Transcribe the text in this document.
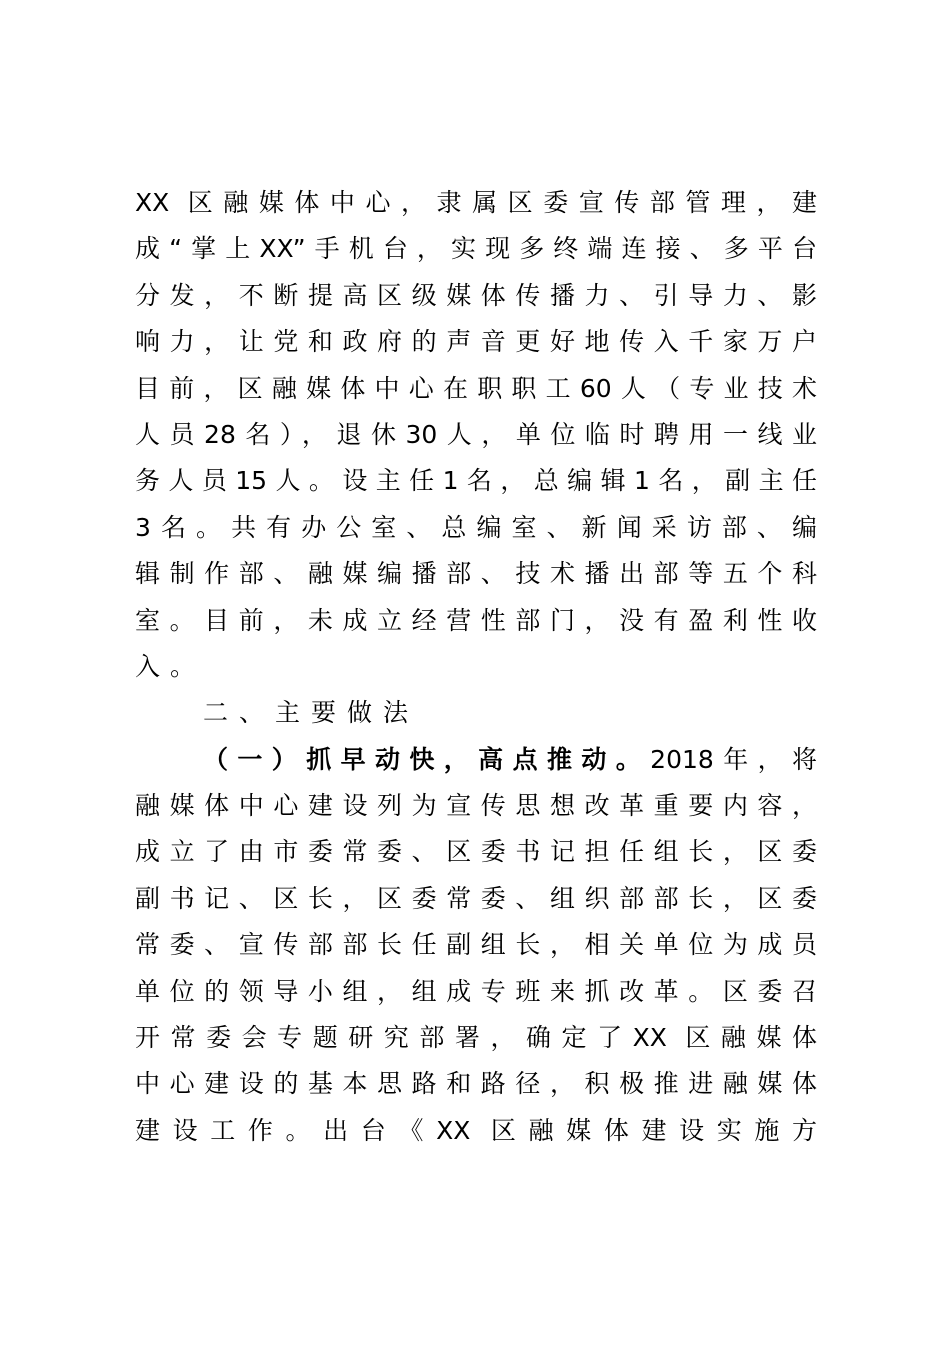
XX 区融媒体中心，隶属区委宣传部管理，建
成“掌上XX”手机台，实现多终端连接、多平台
分发，不断提高区级媒体传播力、引导力、影
响力，让党和政府的声音更好地传入千家万户
目前，区融媒体中心在职职工60人（专业技术
人员28名），退休30人，单位临时聘用一线业
务人员15人。设主任1名，总编辑1名，副主任
3名。共有办公室、总编室、新闻采访部、编
辑制作部、融媒编播部、技术播出部等五个科
室。目前，未成立经营性部门，没有盈利性收
入。
二、主要做法
（一）抓早动快，高点推动。2018年，将
融媒体中心建设列为宣传思想改革重要内容，
成立了由市委常委、区委书记担任组长，区委
副书记、区长，区委常委、组织部部长，区委
常委、宣传部部长任副组长，相关单位为成员
单位的领导小组，组成专班来抓改革。区委召
开常委会专题研究部署，确定了XX 区融媒体
中心建设的基本思路和路径，积极推进融媒体
建设工作。出台《XX 区融媒体建设实施方
